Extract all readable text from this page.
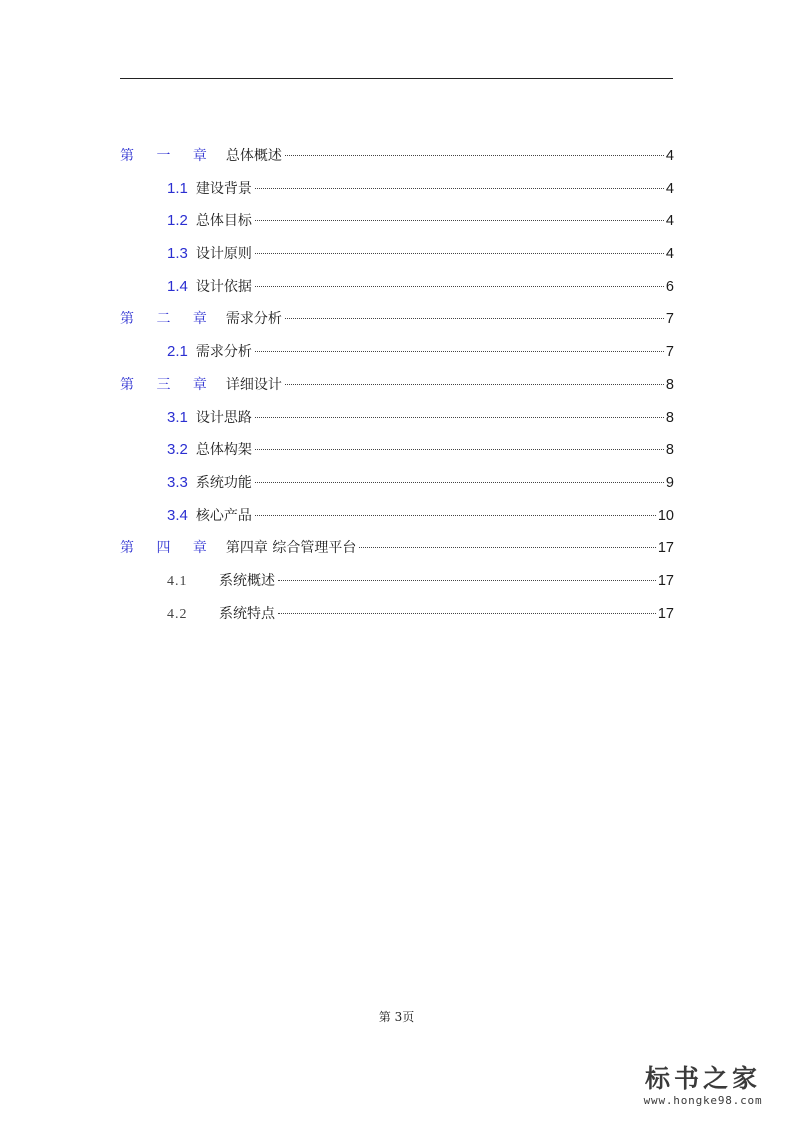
第 一 章 总体概述	4
1.1 建设背景	4
1.2 总体目标	4
1.3 设计原则	4
1.4 设计依据	6
第 二 章 需求分析	7
2.1 需求分析	7
第 三 章 详细设计	8
3.1 设计思路	8
3.2 总体构架	8
3.3 系统功能	9
3.4 核心产品	10
第 四 章 第四章 综合管理平台	17
4.1	系统概述	17
4.2	系统特点	17
第 3页
标书之家
www.hongke98.com
